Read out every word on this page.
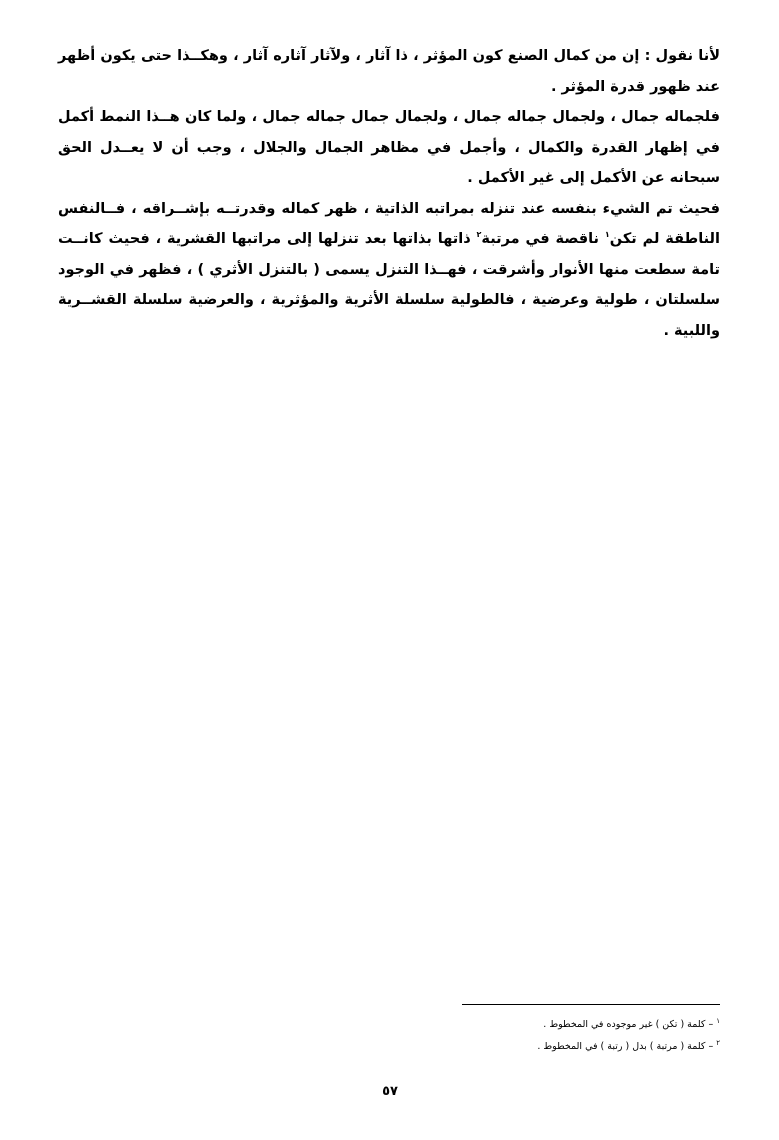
لأنا نقول : إن من كمال الصنع كون المؤثر ، ذا آثار ، ولآثار آثاره آثار ، وهكــذا حتى يكون أظهر عند ظهور قدرة المؤثر .

فلجماله جمال ، ولجمال جماله جمال ، ولجمال جمال جماله جمال ، ولما كان هــذا النمط أكمل في إظهار القدرة والكمال ، وأجمل في مظاهر الجمال والجلال ، وجب أن لا يعــدل الحق سبحانه عن الأكمل إلى غير الأكمل .

فحيث تم الشيء بنفسه عند تنزله بمراتبه الذاتية ، ظهر كماله وقدرتــه بإشــراقه ، فــالنفس الناطقة لم تكن$^١$ ناقصة في مرتبة$^٢$ ذاتها بذاتها بعد تنزلها إلى مراتبها القشرية ، فحيث كانــت تامة سطعت منها الأنوار وأشرقت ، فهــذا التنزل يسمى ( بالتنزل الأثري ) ، فظهر في الوجود سلسلتان ، طولية وعرضية ، فالطولية سلسلة الأثرية والمؤثرية ، والعرضية سلسلة القشــرية واللبية .

$^١$ – كلمة ( تكن ) غير موجوده في المخطوط .
$^٢$ – كلمة ( مرتبة ) بدل ( رتبة ) في المخطوط .
٥٧
